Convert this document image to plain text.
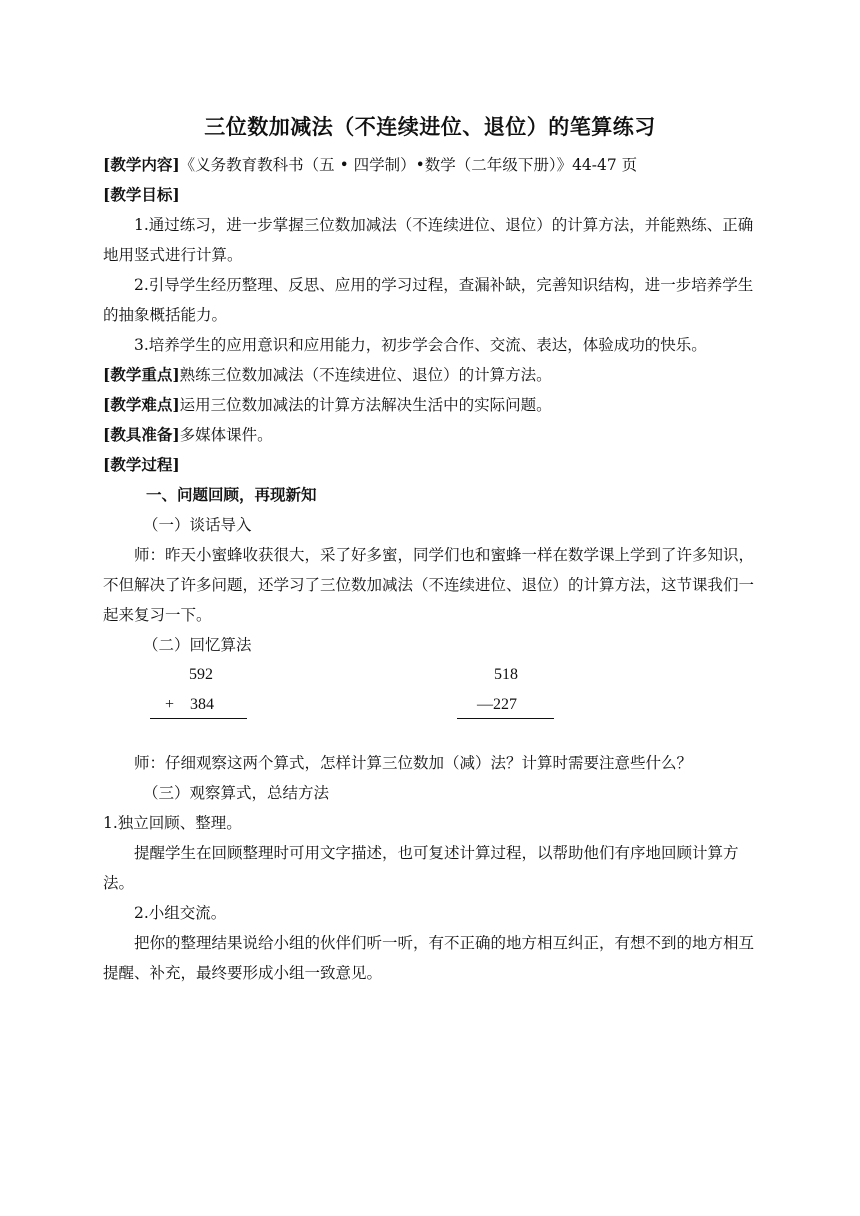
三位数加减法（不连续进位、退位）的笔算练习

[教学内容]《义务教育教科书（五 • 四学制）•数学（二年级下册）》44-47 页

[教学目标]

1.通过练习，进一步掌握三位数加减法（不连续进位、退位）的计算方法，并能熟练、正确地用竖式进行计算。

2.引导学生经历整理、反思、应用的学习过程，查漏补缺，完善知识结构，进一步培养学生的抽象概括能力。

3.培养学生的应用意识和应用能力，初步学会合作、交流、表达，体验成功的快乐。

[教学重点]熟练三位数加减法（不连续进位、退位）的计算方法。

[教学难点]运用三位数加减法的计算方法解决生活中的实际问题。

[教具准备]多媒体课件。

[教学过程]

一、问题回顾，再现新知

（一）谈话导入

师：昨天小蜜蜂收获很大，采了好多蜜，同学们也和蜜蜂一样在数学课上学到了许多知识，不但解决了许多问题，还学习了三位数加减法（不连续进位、退位）的计算方法，这节课我们一起来复习一下。

（二）回忆算法

592
+ 384
518
—227

师：仔细观察这两个算式，怎样计算三位数加（减）法？计算时需要注意些什么？

（三）观察算式，总结方法

1.独立回顾、整理。

提醒学生在回顾整理时可用文字描述，也可复述计算过程，以帮助他们有序地回顾计算方法。

2.小组交流。

把你的整理结果说给小组的伙伴们听一听，有不正确的地方相互纠正，有想不到的地方相互提醒、补充，最终要形成小组一致意见。
